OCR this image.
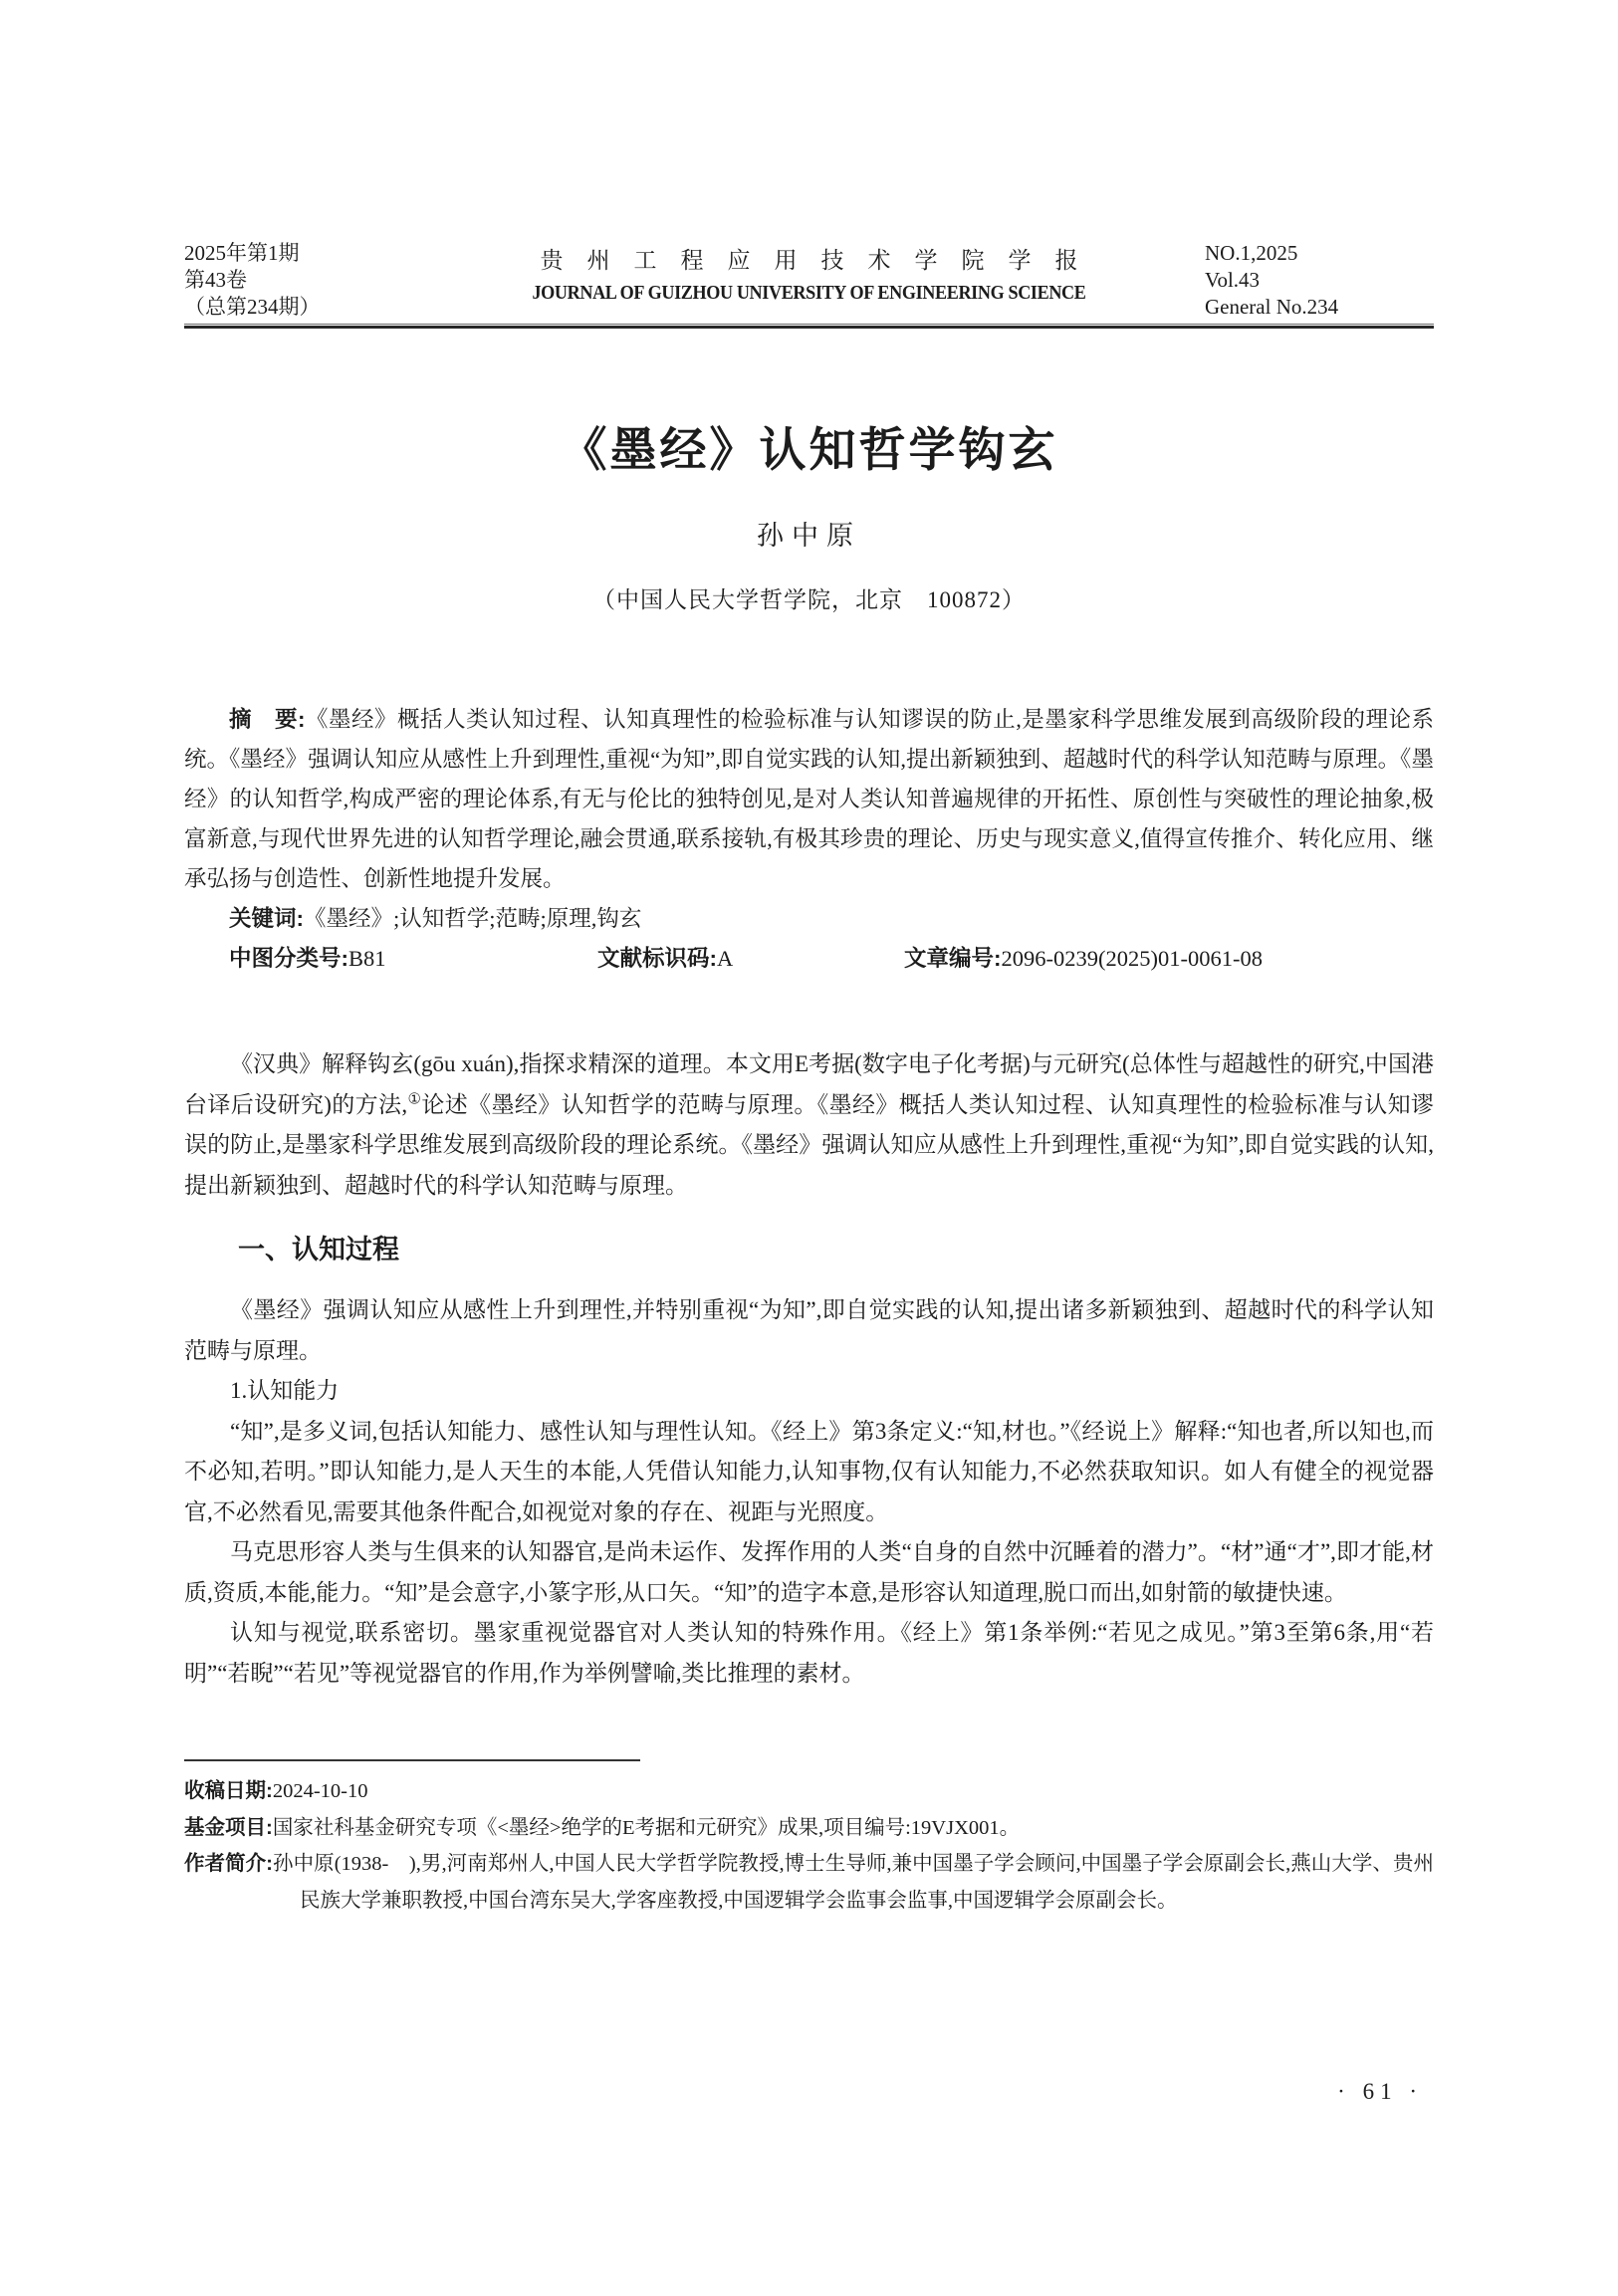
2025年第1期
第43卷
（总第234期）
贵州工程应用技术学院学报
JOURNAL OF GUIZHOU UNIVERSITY OF ENGINEERING SCIENCE
NO.1,2025
Vol.43
General No.234
《墨经》认知哲学钩玄
孙中原
（中国人民大学哲学院，北京　100872）

摘　要:《墨经》概括人类认知过程、认知真理性的检验标准与认知谬误的防止,是墨家科学思维发展到高级阶段的理论系统。《墨经》强调认知应从感性上升到理性,重视“为知”,即自觉实践的认知,提出新颖独到、超越时代的科学认知范畴与原理。《墨经》的认知哲学,构成严密的理论体系,有无与伦比的独特创见,是对人类认知普遍规律的开拓性、原创性与突破性的理论抽象,极富新意,与现代世界先进的认知哲学理论,融会贯通,联系接轨,有极其珍贵的理论、历史与现实意义,值得宣传推介、转化应用、继承弘扬与创造性、创新性地提升发展。

关键词:《墨经》;认知哲学;范畴;原理,钩玄

中图分类号:B81	文献标识码:A	文章编号:2096-0239(2025)01-0061-08

《汉典》解释钩玄(gōu xuán),指探求精深的道理。本文用E考据(数字电子化考据)与元研究(总体性与超越性的研究,中国港台译后设研究)的方法,①论述《墨经》认知哲学的范畴与原理。《墨经》概括人类认知过程、认知真理性的检验标准与认知谬误的防止,是墨家科学思维发展到高级阶段的理论系统。《墨经》强调认知应从感性上升到理性,重视“为知”,即自觉实践的认知,提出新颖独到、超越时代的科学认知范畴与原理。

一、认知过程

《墨经》强调认知应从感性上升到理性,并特别重视“为知”,即自觉实践的认知,提出诸多新颖独到、超越时代的科学认知范畴与原理。

1.认知能力

“知”,是多义词,包括认知能力、感性认知与理性认知。《经上》第3条定义:“知,材也。”《经说上》解释:“知也者,所以知也,而不必知,若明。”即认知能力,是人天生的本能,人凭借认知能力,认知事物,仅有认知能力,不必然获取知识。如人有健全的视觉器官,不必然看见,需要其他条件配合,如视觉对象的存在、视距与光照度。

马克思形容人类与生俱来的认知器官,是尚未运作、发挥作用的人类“自身的自然中沉睡着的潜力”。“材”通“才”,即才能,材质,资质,本能,能力。“知”是会意字,小篆字形,从口矢。“知”的造字本意,是形容认知道理,脱口而出,如射箭的敏捷快速。

认知与视觉,联系密切。墨家重视觉器官对人类认知的特殊作用。《经上》第1条举例:“若见之成见。”第3至第6条,用“若明”“若睨”“若见”等视觉器官的作用,作为举例譬喻,类比推理的素材。

收稿日期:2024-10-10

基金项目:国家社科基金研究专项《<墨经>绝学的E考据和元研究》成果,项目编号:19VJX001。

作者简介:孙中原(1938-　),男,河南郑州人,中国人民大学哲学院教授,博士生导师,兼中国墨子学会顾问,中国墨子学会原副会长,燕山大学、贵州民族大学兼职教授,中国台湾东吴大,学客座教授,中国逻辑学会监事会监事,中国逻辑学会原副会长。

· 61 ·
